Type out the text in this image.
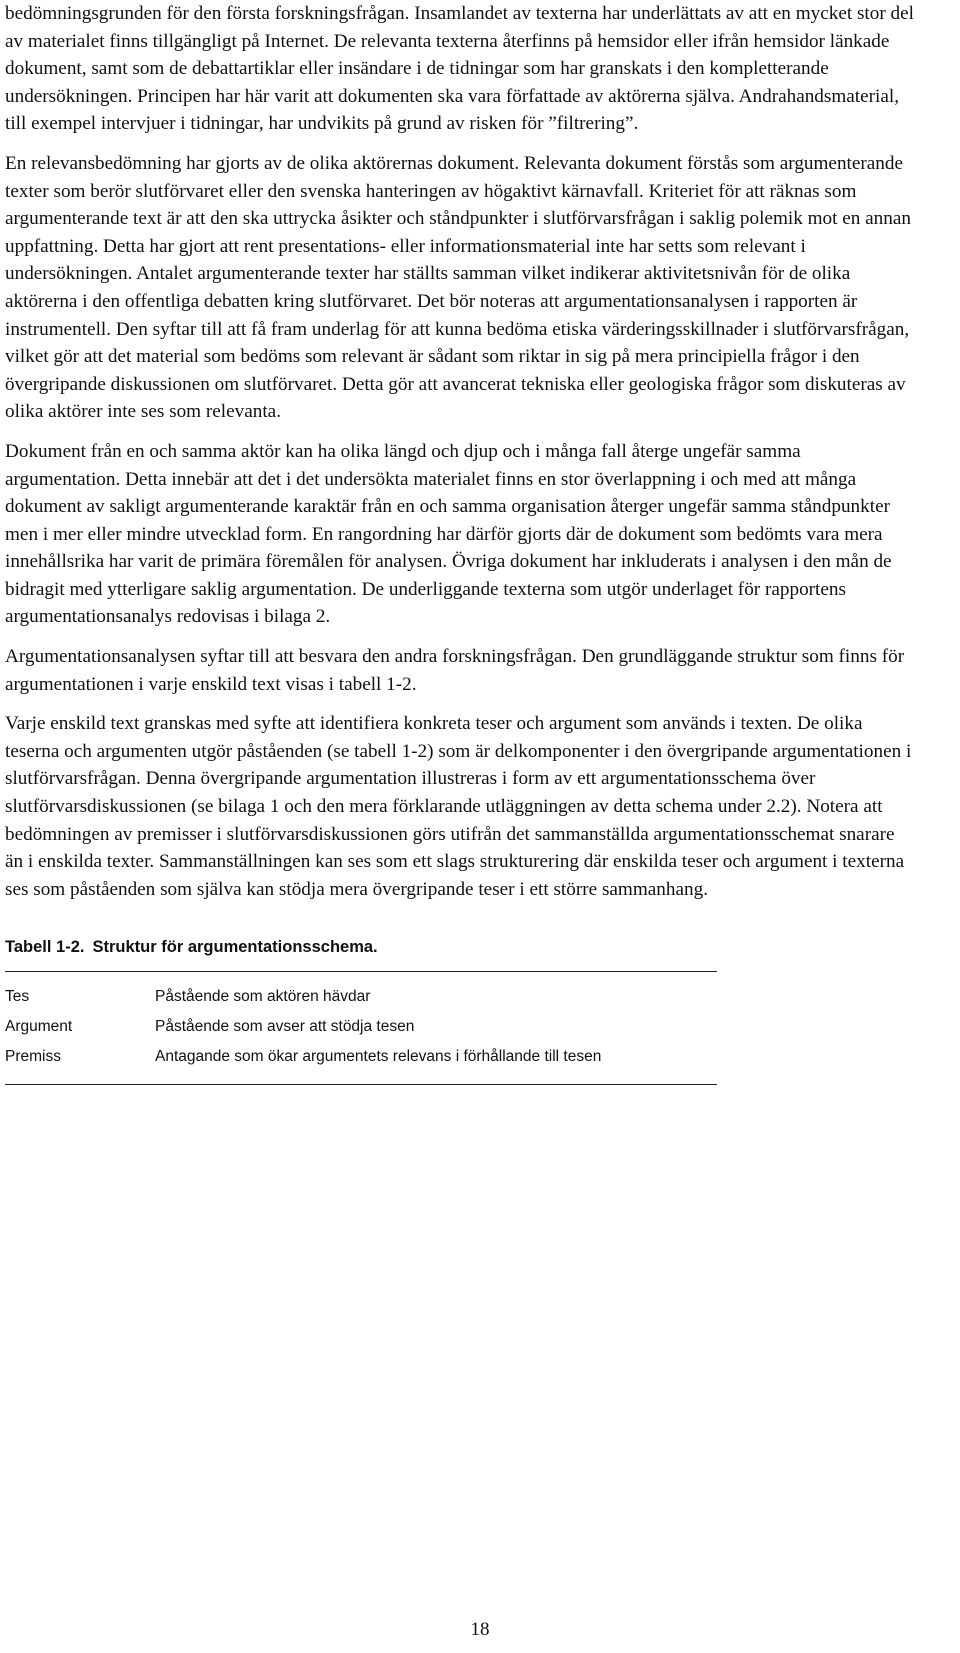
bedömningsgrunden för den första forskningsfrågan. Insamlandet av texterna har underlättats av att en mycket stor del av materialet finns tillgängligt på Internet. De relevanta texterna återfinns på hemsidor eller ifrån hemsidor länkade dokument, samt som de debattartiklar eller insändare i de tidningar som har granskats i den kompletterande undersökningen. Principen har här varit att dokumenten ska vara författade av aktörerna själva. Andrahandsmaterial, till exempel intervjuer i tidningar, har undvikits på grund av risken för ”filtrering”.

En relevansbedömning har gjorts av de olika aktörernas dokument. Relevanta dokument förstås som argumenterande texter som berör slutförvaret eller den svenska hanteringen av högaktivt kärnavfall. Kriteriet för att räknas som argumenterande text är att den ska uttrycka åsikter och ståndpunkter i slutförvarsfrågan i saklig polemik mot en annan uppfattning. Detta har gjort att rent presentations- eller informationsmaterial inte har setts som relevant i undersökningen. Antalet argumenterande texter har ställts samman vilket indikerar aktivitetsnivån för de olika aktörerna i den offentliga debatten kring slutförvaret. Det bör noteras att argumentationsanalysen i rapporten är instrumentell. Den syftar till att få fram underlag för att kunna bedöma etiska värderingsskillnader i slutförvarsfrågan, vilket gör att det material som bedöms som relevant är sådant som riktar in sig på mera principiella frågor i den övergripande diskussionen om slutförvaret. Detta gör att avancerat tekniska eller geologiska frågor som diskuteras av olika aktörer inte ses som relevanta.

Dokument från en och samma aktör kan ha olika längd och djup och i många fall återge ungefär samma argumentation. Detta innebär att det i det undersökta materialet finns en stor överlappning i och med att många dokument av sakligt argumenterande karaktär från en och samma organisation återger ungefär samma ståndpunkter men i mer eller mindre utvecklad form. En rangordning har därför gjorts där de dokument som bedömts vara mera innehållsrika har varit de primära föremålen för analysen. Övriga dokument har inkluderats i analysen i den mån de bidragit med ytterligare saklig argumentation. De underliggande texterna som utgör underlaget för rapportens argumentationsanalys redovisas i bilaga 2.

Argumentationsanalysen syftar till att besvara den andra forskningsfrågan. Den grundläggande struktur som finns för argumentationen i varje enskild text visas i tabell 1-2.

Varje enskild text granskas med syfte att identifiera konkreta teser och argument som används i texten. De olika teserna och argumenten utgör påståenden (se tabell 1-2) som är delkomponenter i den övergripande argumentationen i slutförvarsfrågan. Denna övergripande argumentation illustreras i form av ett argumentationsschema över slutförvarsdiskussionen (se bilaga 1 och den mera förklarande utläggningen av detta schema under 2.2). Notera att bedömningen av premisser i slutförvarsdiskussionen görs utifrån det sammanställda argumentationsschemat snarare än i enskilda texter. Sammanställningen kan ses som ett slags strukturering där enskilda teser och argument i texterna ses som påståenden som själva kan stödja mera övergripande teser i ett större sammanhang.

Tabell 1-2. Struktur för argumentationsschema.
Tes	Påstående som aktören hävdar
Argument	Påstående som avser att stödja tesen
Premiss	Antagande som ökar argumentets relevans i förhållande till tesen
18
